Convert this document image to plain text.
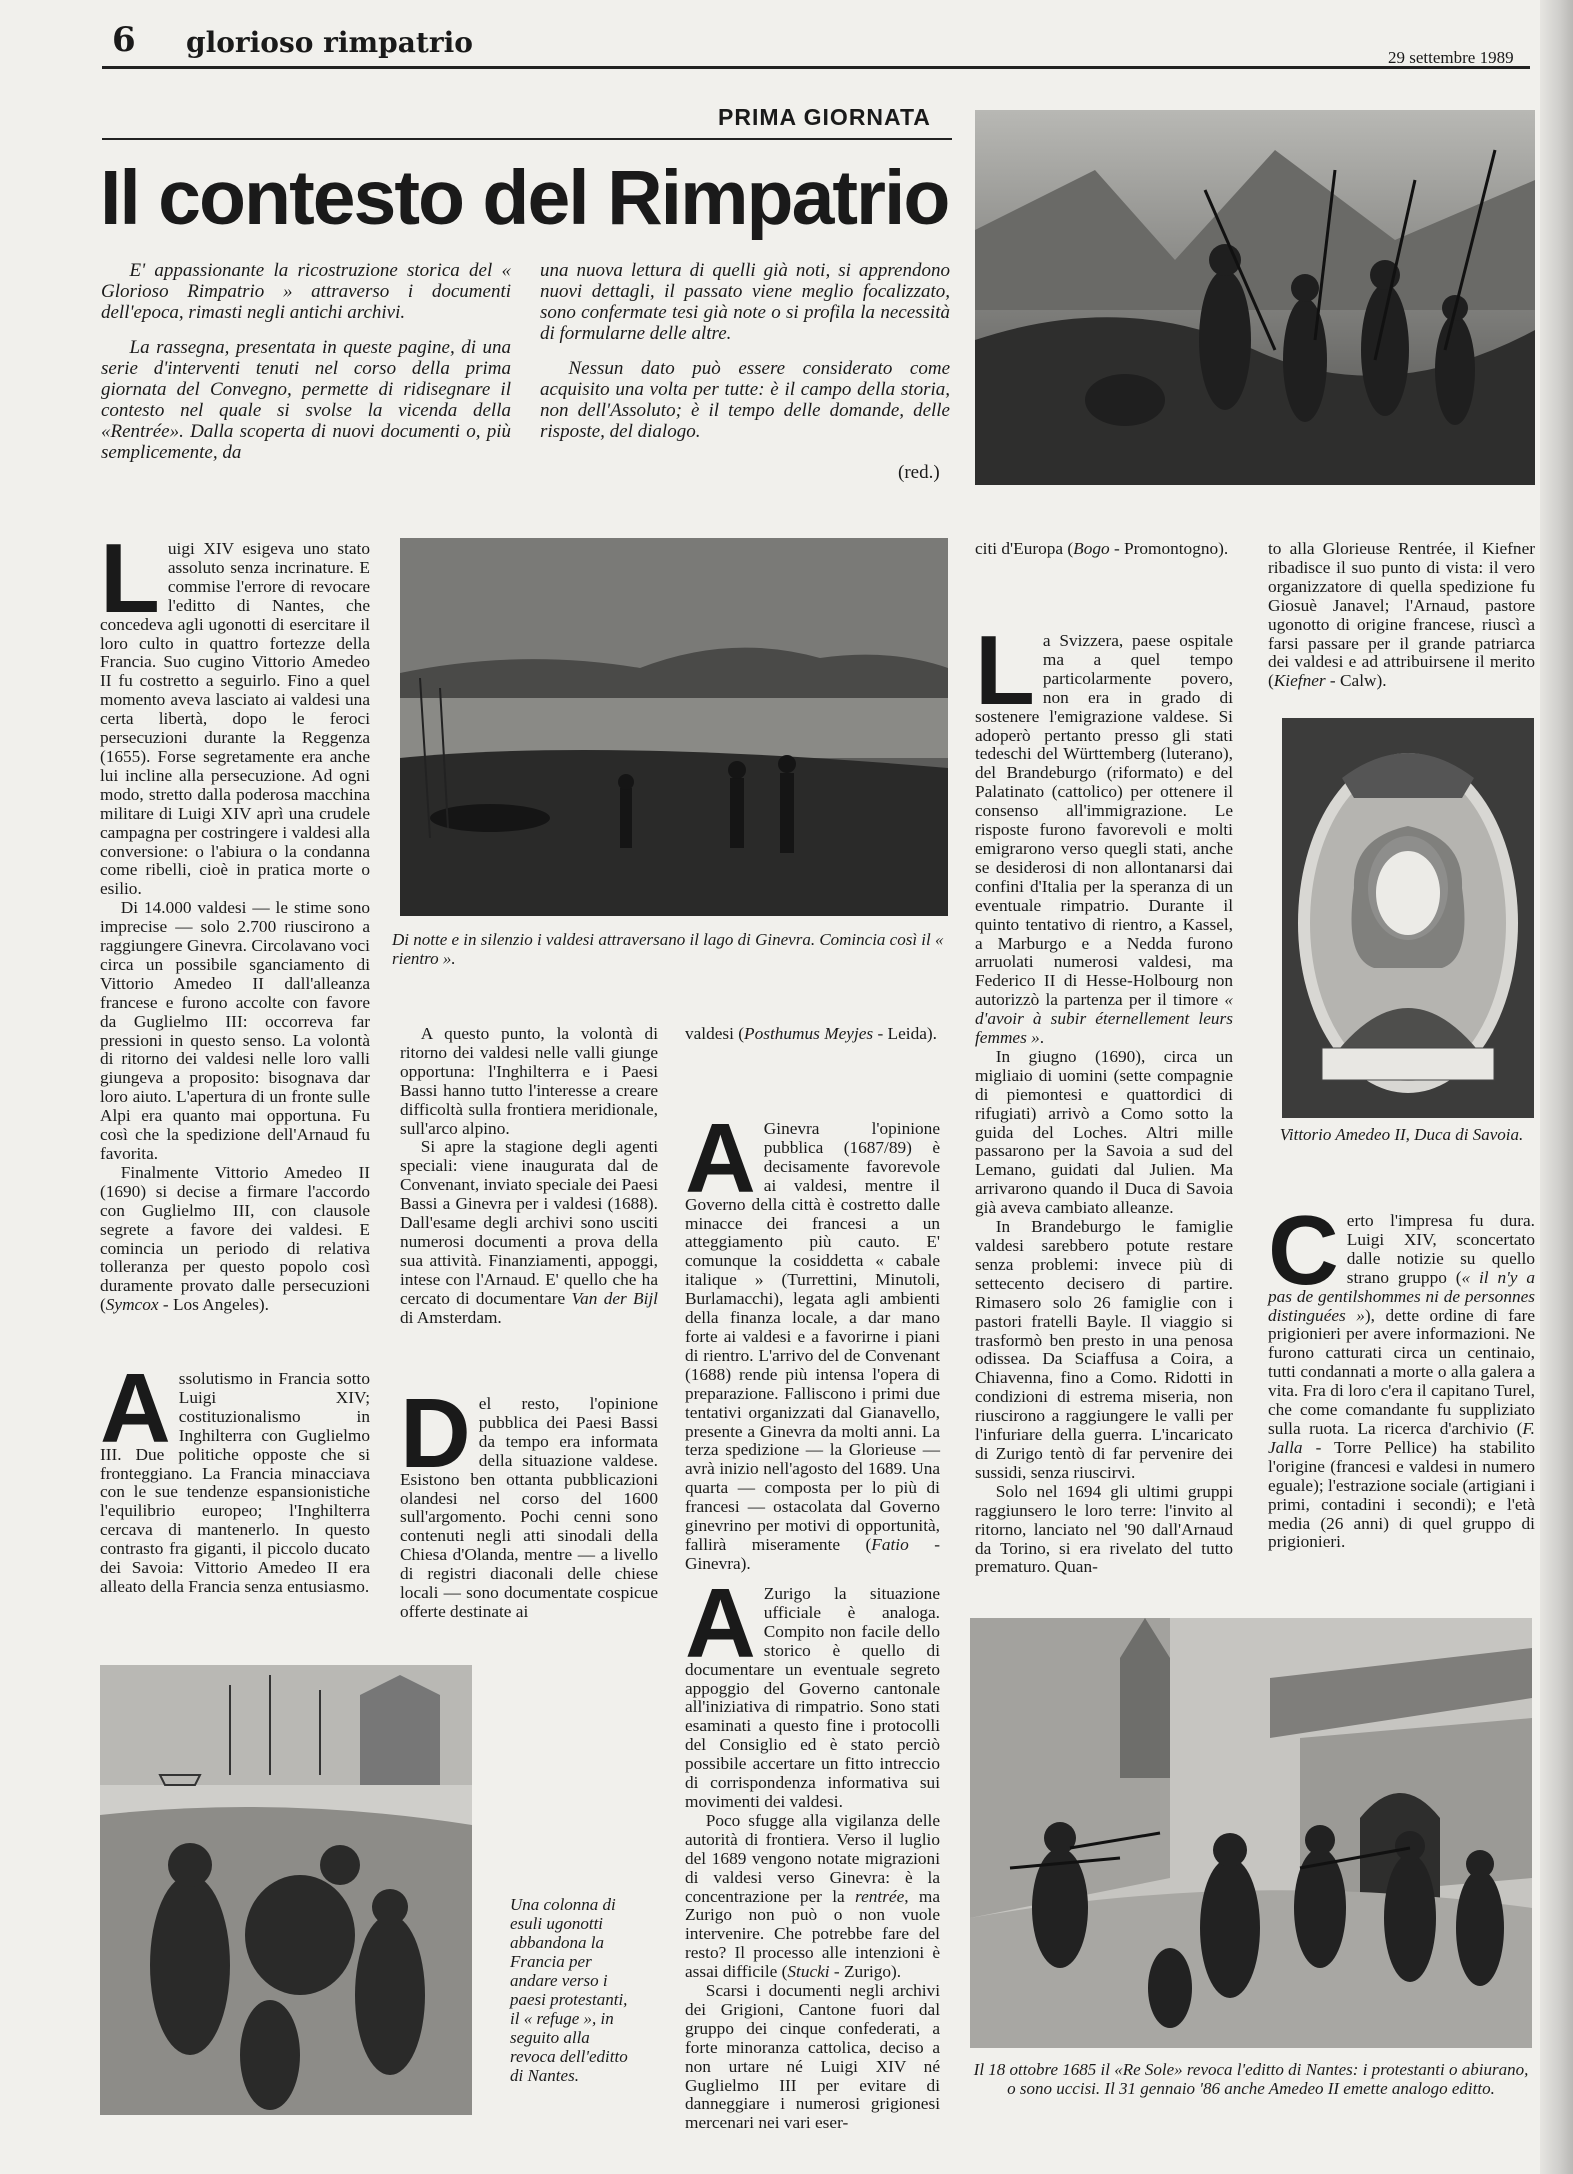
6 glorioso rimpatrio	29 settembre 1989
PRIMA GIORNATA
Il contesto del Rimpatrio

E' appassionante la ricostruzione storica del « Glorioso Rimpatrio » attraverso i documenti dell'epoca, rimasti negli antichi archivi.

La rassegna, presentata in queste pagine, di una serie d'interventi tenuti nel corso della prima giornata del Convegno, permette di ridisegnare il contesto nel quale si svolse la vicenda della «Rentrée». Dalla scoperta di nuovi documenti o, più semplicemente, da

una nuova lettura di quelli già noti, si apprendono nuovi dettagli, il passato viene meglio focalizzato, sono confermate tesi già note o si profila la necessità di formularne delle altre.

Nessun dato può essere considerato come acquisito una volta per tutte: è il campo della storia, non dell'Assoluto; è il tempo delle domande, delle risposte, del dialogo.

(red.)

Luigi XIV esigeva uno stato assoluto senza incrinature. E commise l'errore di revocare l'editto di Nantes, che concedeva agli ugonotti di esercitare il loro culto in quattro fortezze della Francia. Suo cugino Vittorio Amedeo II fu costretto a seguirlo. Fino a quel momento aveva lasciato ai valdesi una certa libertà, dopo le feroci persecuzioni durante la Reggenza (1655). Forse segretamente era anche lui incline alla persecuzione. Ad ogni modo, stretto dalla poderosa macchina militare di Luigi XIV aprì una crudele campagna per costringere i valdesi alla conversione: o l'abiura o la condanna come ribelli, cioè in pratica morte o esilio.

Di 14.000 valdesi — le stime sono imprecise — solo 2.700 riuscirono a raggiungere Ginevra. Circolavano voci circa un possibile sganciamento di Vittorio Amedeo II dall'alleanza francese e furono accolte con favore da Guglielmo III: occorreva far pressioni in questo senso. La volontà di ritorno dei valdesi nelle loro valli giungeva a proposito: bisognava dar loro aiuto. L'apertura di un fronte sulle Alpi era quanto mai opportuna. Fu così che la spedizione dell'Arnaud fu favorita.

Finalmente Vittorio Amedeo II (1690) si decise a firmare l'accordo con Guglielmo III, con clausole segrete a favore dei valdesi. E comincia un periodo di relativa tolleranza per questo popolo così duramente provato dalle persecuzioni (Symcox - Los Angeles).

Assolutismo in Francia sotto Luigi XIV; costituzionalismo in Inghilterra con Guglielmo III. Due politiche opposte che si fronteggiano. La Francia minacciava con le sue tendenze espansionistiche l'equilibrio europeo; l'Inghilterra cercava di mantenerlo. In questo contrasto fra giganti, il piccolo ducato dei Savoia: Vittorio Amedeo II era alleato della Francia senza entusiasmo.

Di notte e in silenzio i valdesi attraversano il lago di Ginevra. Comincia così il « rientro ».

A questo punto, la volontà di ritorno dei valdesi nelle valli giunge opportuna: l'Inghilterra e i Paesi Bassi hanno tutto l'interesse a creare difficoltà sulla frontiera meridionale, sull'arco alpino.

Si apre la stagione degli agenti speciali: viene inaugurata dal de Convenant, inviato speciale dei Paesi Bassi a Ginevra per i valdesi (1688). Dall'esame degli archivi sono usciti numerosi documenti a prova della sua attività. Finanziamenti, appoggi, intese con l'Arnaud. E' quello che ha cercato di documentare Van der Bijl di Amsterdam.

Del resto, l'opinione pubblica dei Paesi Bassi da tempo era informata della situazione valdese. Esistono ben ottanta pubblicazioni olandesi nel corso del 1600 sull'argomento. Pochi cenni sono contenuti negli atti sinodali della Chiesa d'Olanda, mentre — a livello di registri diaconali delle chiese locali — sono documentate cospicue offerte destinate ai

valdesi (Posthumus Meyjes - Leida).

A Ginevra l'opinione pubblica (1687/89) è decisamente favorevole ai valdesi, mentre il Governo della città è costretto dalle minacce dei francesi a un atteggiamento più cauto. E' comunque la cosiddetta « cabale italique » (Turrettini, Minutoli, Burlamacchi), legata agli ambienti della finanza locale, a dar mano forte ai valdesi e a favorirne i piani di rientro. L'arrivo del de Convenant (1688) rende più intensa l'opera di preparazione. Falliscono i primi due tentativi organizzati dal Gianavello, presente a Ginevra da molti anni. La terza spedizione — la Glorieuse — avrà inizio nell'agosto del 1689. Una quarta — composta per lo più di francesi — ostacolata dal Governo ginevrino per motivi di opportunità, fallirà miseramente (Fatio - Ginevra).

A Zurigo la situazione ufficiale è analoga. Compito non facile dello storico è quello di documentare un eventuale segreto appoggio del Governo cantonale all'iniziativa di rimpatrio. Sono stati esaminati a questo fine i protocolli del Consiglio ed è stato perciò possibile accertare un fitto intreccio di corrispondenza informativa sui movimenti dei valdesi.

Poco sfugge alla vigilanza delle autorità di frontiera. Verso il luglio del 1689 vengono notate migrazioni di valdesi verso Ginevra: è la concentrazione per la rentrée, ma Zurigo non può o non vuole intervenire. Che potrebbe fare del resto? Il processo alle intenzioni è assai difficile (Stucki - Zurigo).

Scarsi i documenti negli archivi dei Grigioni, Cantone fuori dal gruppo dei cinque confederati, a forte minoranza cattolica, deciso a non urtare né Luigi XIV né Guglielmo III per evitare di danneggiare i numerosi grigionesi mercenari nei vari eser-

citi d'Europa (Bogo - Promontogno).

La Svizzera, paese ospitale ma a quel tempo particolarmente povero, non era in grado di sostenere l'emigrazione valdese. Si adoperò pertanto presso gli stati tedeschi del Württemberg (luterano), del Brandeburgo (riformato) e del Palatinato (cattolico) per ottenere il consenso all'immigrazione. Le risposte furono favorevoli e molti emigrarono verso quegli stati, anche se desiderosi di non allontanarsi dai confini d'Italia per la speranza di un eventuale rimpatrio. Durante il quinto tentativo di rientro, a Kassel, a Marburgo e a Nedda furono arruolati numerosi valdesi, ma Federico II di Hesse-Holbourg non autorizzò la partenza per il timore « d'avoir à subir éternellement leurs femmes ».

In giugno (1690), circa un migliaio di uomini (sette compagnie di piemontesi e quattordici di rifugiati) arrivò a Como sotto la guida del Loches. Altri mille passarono per la Savoia a sud del Lemano, guidati dal Julien. Ma arrivarono quando il Duca di Savoia già aveva cambiato alleanze.

In Brandeburgo le famiglie valdesi sarebbero potute restare senza problemi: invece più di settecento decisero di partire. Rimasero solo 26 famiglie con i pastori fratelli Bayle. Il viaggio si trasformò ben presto in una penosa odissea. Da Sciaffusa a Coira, a Chiavenna, fino a Como. Ridotti in condizioni di estrema miseria, non riuscirono a raggiungere le valli per l'infuriare della guerra. L'incaricato di Zurigo tentò di far pervenire dei sussidi, senza riuscirvi.

Solo nel 1694 gli ultimi gruppi raggiunsero le loro terre: l'invito al ritorno, lanciato nel '90 dall'Arnaud da Torino, si era rivelato del tutto prematuro. Quan-

to alla Glorieuse Rentrée, il Kiefner ribadisce il suo punto di vista: il vero organizzatore di quella spedizione fu Giosuè Janavel; l'Arnaud, pastore ugonotto di origine francese, riuscì a farsi passare per il grande patriarca dei valdesi e ad attribuirsene il merito (Kiefner - Calw).

Vittorio Amedeo II, Duca di Savoia.

Certo l'impresa fu dura. Luigi XIV, sconcertato dalle notizie su quello strano gruppo (« il n'y a pas de gentilshommes ni de personnes distinguées »), dette ordine di fare prigionieri per avere informazioni. Ne furono catturati circa un centinaio, tutti condannati a morte o alla galera a vita. Fra di loro c'era il capitano Turel, che come comandante fu suppliziato sulla ruota. La ricerca d'archivio (F. Jalla - Torre Pellice) ha stabilito l'origine (francesi e valdesi in numero eguale); l'estrazione sociale (artigiani i primi, contadini i secondi); e l'età media (26 anni) di quel gruppo di prigionieri.

Una colonna di esuli ugonotti abbandona la Francia per andare verso i paesi protestanti, il « refuge », in seguito alla revoca dell'editto di Nantes.	Il 18 ottobre 1685 il «Re Sole» revoca l'editto di Nantes: i protestanti o abiurano, o sono uccisi. Il 31 gennaio '86 anche Amedeo II emette analogo editto.
